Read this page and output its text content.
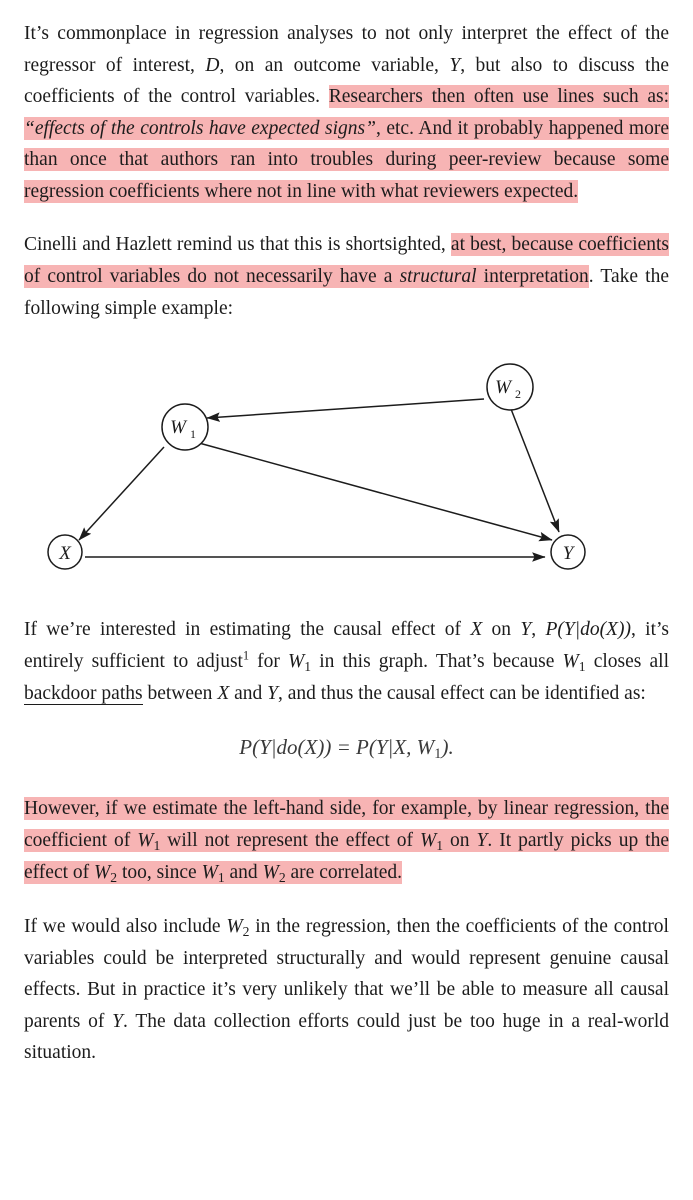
It’s commonplace in regression analyses to not only interpret the effect of the regressor of interest, D, on an outcome variable, Y, but also to discuss the coefficients of the control variables. Researchers then often use lines such as: “effects of the controls have expected signs”, etc. And it probably happened more than once that authors ran into troubles during peer-review because some regression coefficients where not in line with what reviewers expected.

Cinelli and Hazlett remind us that this is shortsighted, at best, because coefficients of control variables do not necessarily have a structural interpretation. Take the following simple example:

W 2
W 1
X	Y

If we’re interested in estimating the causal effect of X on Y, P(Y|do(X)), it’s entirely sufficient to adjust$^1$ for W1 in this graph. That’s because W1 closes all backdoor paths between X and Y, and thus the causal effect can be identified as:

P(Y|do(X)) = P(Y|X, W1).

However, if we estimate the left-hand side, for example, by linear regression, the coefficient of W1 will not represent the effect of W1 on Y. It partly picks up the effect of W2 too, since W1 and W2 are correlated.

If we would also include W2 in the regression, then the coefficients of the control variables could be interpreted structurally and would represent genuine causal effects. But in practice it’s very unlikely that we’ll be able to measure all causal parents of Y. The data collection efforts could just be too huge in a real-world situation.
